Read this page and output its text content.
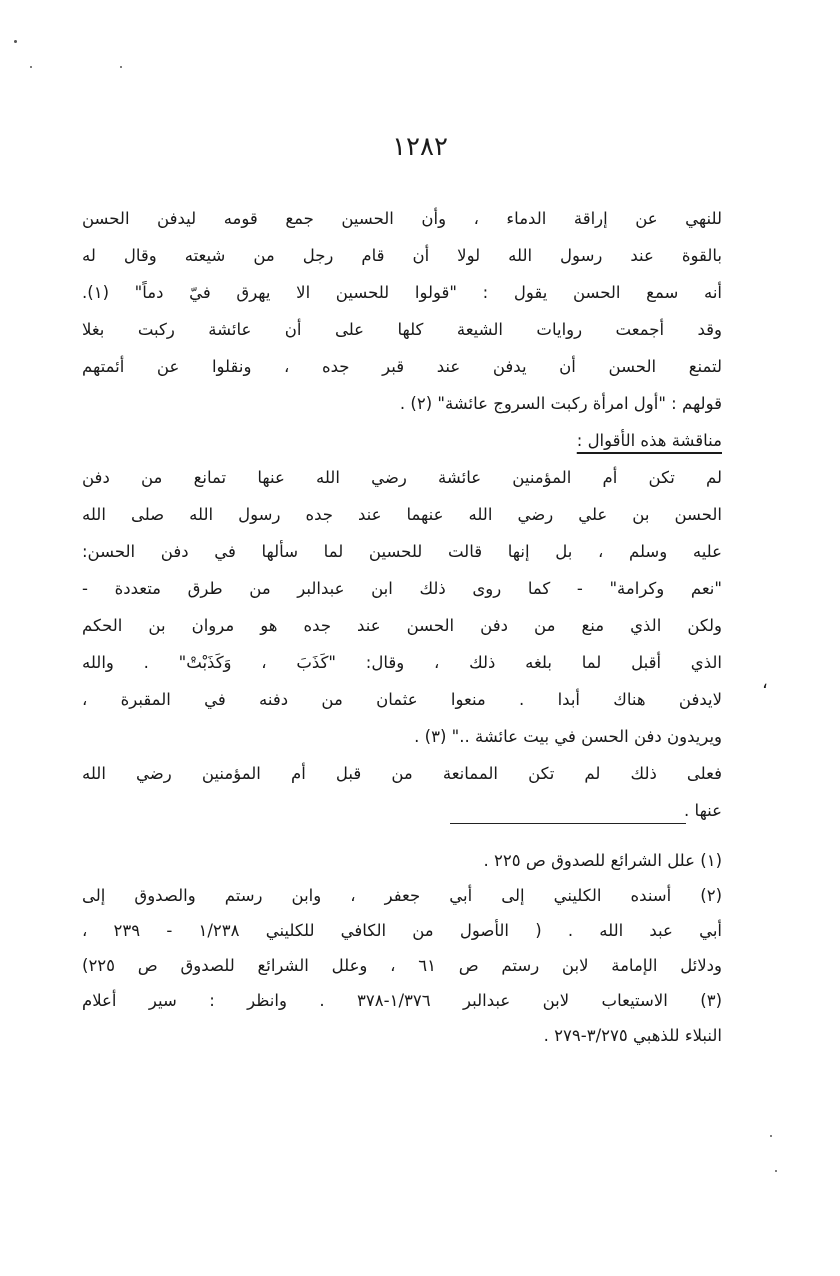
١٢٨٢
للنهي عن إراقة الدماء ، وأن الحسين جمع قومه ليدفن الحسن
بالقوة عند رسول الله لولا أن قام رجل من شيعته وقال له
أنه سمع الحسن يقول : "قولوا للحسين الا يهرق فيّ دماً" (١).
وقد أجمعت روايات الشيعة كلها على أن عائشة ركبت بغلا
لتمنع الحسن أن يدفن عند قبر جده ، ونقلوا عن أئمتهم
قولهم : "أول امرأة ركبت السروج عائشة" (٢) .
مناقشة هذه الأقوال :
لم تكن أم المؤمنين عائشة رضي الله عنها تمانع من دفن
الحسن بن علي رضي الله عنهما عند جده رسول الله صلى الله
عليه وسلم ، بل إنها قالت للحسين لما سألها في دفن الحسن:
"نعم وكرامة" - كما روى ذلك ابن عبدالبر من طرق متعددة -
ولكن الذي منع من دفن الحسن عند جده هو مروان بن الحكم
الذي أقبل لما بلغه ذلك ، وقال: "كَذَبَ ، وَكَذَبْتْ" . والله
لايدفن هناك أبدا . منعوا عثمان من دفنه في المقبرة ،
ويريدون دفن الحسن في بيت عائشة .." (٣) .
فعلى ذلك لم تكن الممانعة من قبل أم المؤمنين رضي الله
عنها .
،
(١) علل الشرائع للصدوق ص ٢٢٥ .
(٢) أسنده الكليني إلى أبي جعفر ، وابن رستم والصدوق إلى
أبي عبد الله . ( الأصول من الكافي للكليني ١/٢٣٨ - ٢٣٩ ،
ودلائل الإمامة لابن رستم ص ٦١ ، وعلل الشرائع للصدوق ص ٢٢٥)
(٣) الاستيعاب لابن عبدالبر ١/٣٧٦-٣٧٨ . وانظر : سير أعلام
النبلاء للذهبي ٣/٢٧٥-٢٧٩ .
